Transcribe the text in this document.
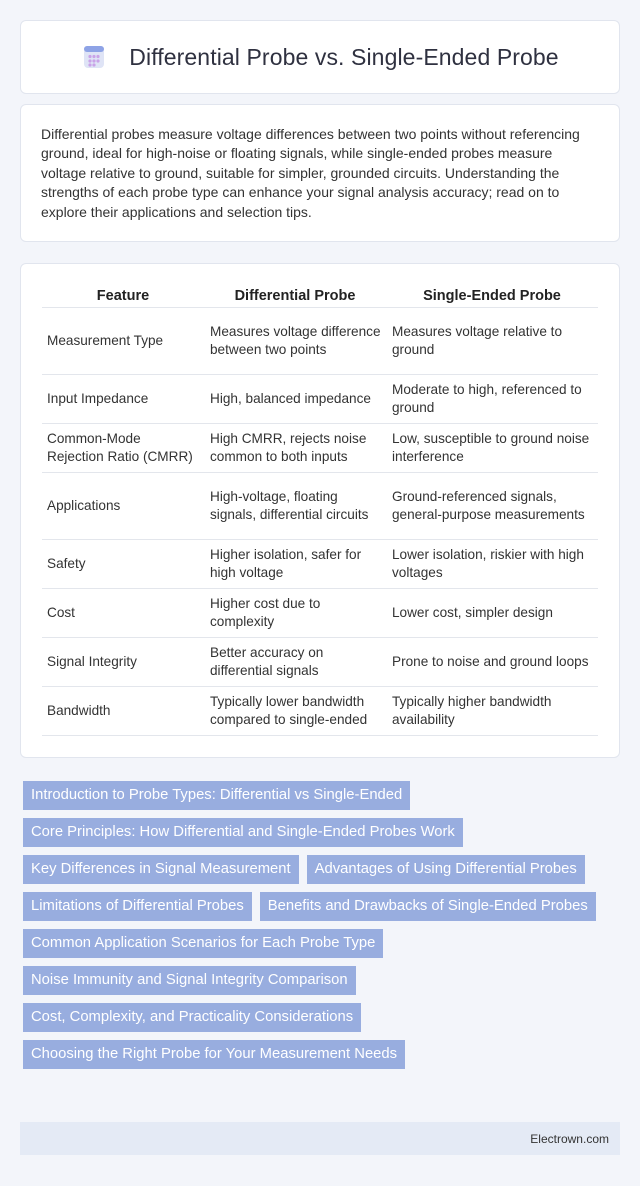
Differential Probe vs. Single-Ended Probe

Differential probes measure voltage differences between two points without referencing ground, ideal for high-noise or floating signals, while single-ended probes measure voltage relative to ground, suitable for simpler, grounded circuits. Understanding the strengths of each probe type can enhance your signal analysis accuracy; read on to explore their applications and selection tips.

Feature	Differential Probe	Single-Ended Probe
Measurement Type	Measures voltage difference between two points	Measures voltage relative to ground
Input Impedance	High, balanced impedance	Moderate to high, referenced to ground
Common-Mode Rejection Ratio (CMRR)	High CMRR, rejects noise common to both inputs	Low, susceptible to ground noise interference
Applications	High-voltage, floating signals, differential circuits	Ground-referenced signals, general-purpose measurements
Safety	Higher isolation, safer for high voltage	Lower isolation, riskier with high voltages
Cost	Higher cost due to complexity	Lower cost, simpler design
Signal Integrity	Better accuracy on differential signals	Prone to noise and ground loops
Bandwidth	Typically lower bandwidth compared to single-ended	Typically higher bandwidth availability
Introduction to Probe Types: Differential vs Single-Ended
Core Principles: How Differential and Single-Ended Probes Work
Key Differences in Signal Measurement	Advantages of Using Differential Probes
Limitations of Differential Probes	Benefits and Drawbacks of Single-Ended Probes
Common Application Scenarios for Each Probe Type
Noise Immunity and Signal Integrity Comparison
Cost, Complexity, and Practicality Considerations
Choosing the Right Probe for Your Measurement Needs
Electrown.com
